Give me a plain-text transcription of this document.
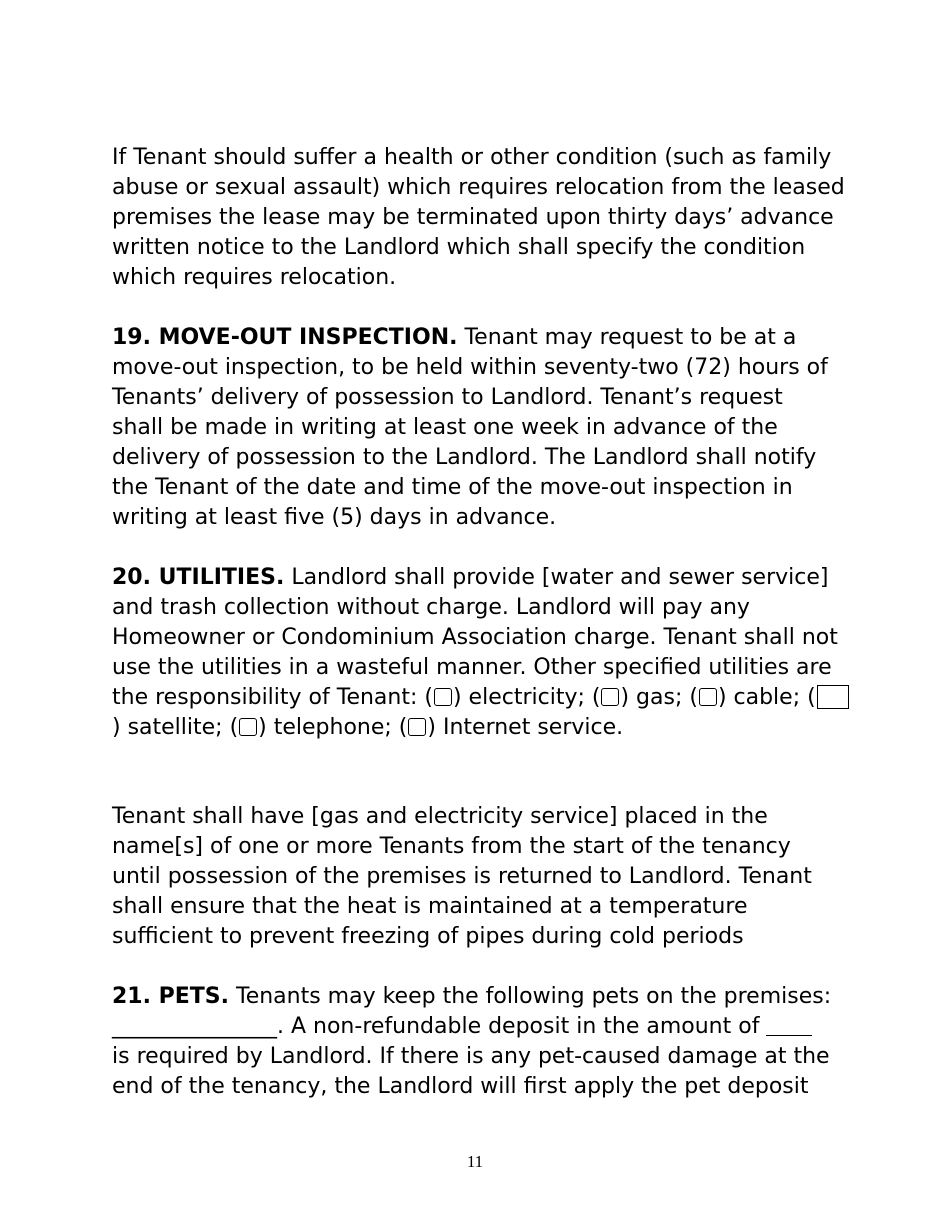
If Tenant should suffer a health or other condition (such as family
abuse or sexual assault) which requires relocation from the leased
premises the lease may be terminated upon thirty days’ advance
written notice to the Landlord which shall specify the condition
which requires relocation.
19. MOVE-OUT INSPECTION. Tenant may request to be at a
move-out inspection, to be held within seventy-two (72) hours of
Tenants’ delivery of possession to Landlord. Tenant’s request
shall be made in writing at least one week in advance of the
delivery of possession to the Landlord. The Landlord shall notify
the Tenant of the date and time of the move-out inspection in
writing at least five (5) days in advance.
20. UTILITIES. Landlord shall provide [water and sewer service]
and trash collection without charge. Landlord will pay any
Homeowner or Condominium Association charge. Tenant shall not
use the utilities in a wasteful manner. Other specified utilities are
the responsibility of Tenant: ( ) electricity; ( ) gas; ( ) cable; (
) satellite; ( ) telephone; ( ) Internet service.
Tenant shall have [gas and electricity service] placed in the
name[s] of one or more Tenants from the start of the tenancy
until possession of the premises is returned to Landlord. Tenant
shall ensure that the heat is maintained at a temperature
sufficient to prevent freezing of pipes during cold periods
21. PETS. Tenants may keep the following pets on the premises:
_______________. A non-refundable deposit in the amount of
is required by Landlord. If there is any pet-caused damage at the
end of the tenancy, the Landlord will first apply the pet deposit
11
